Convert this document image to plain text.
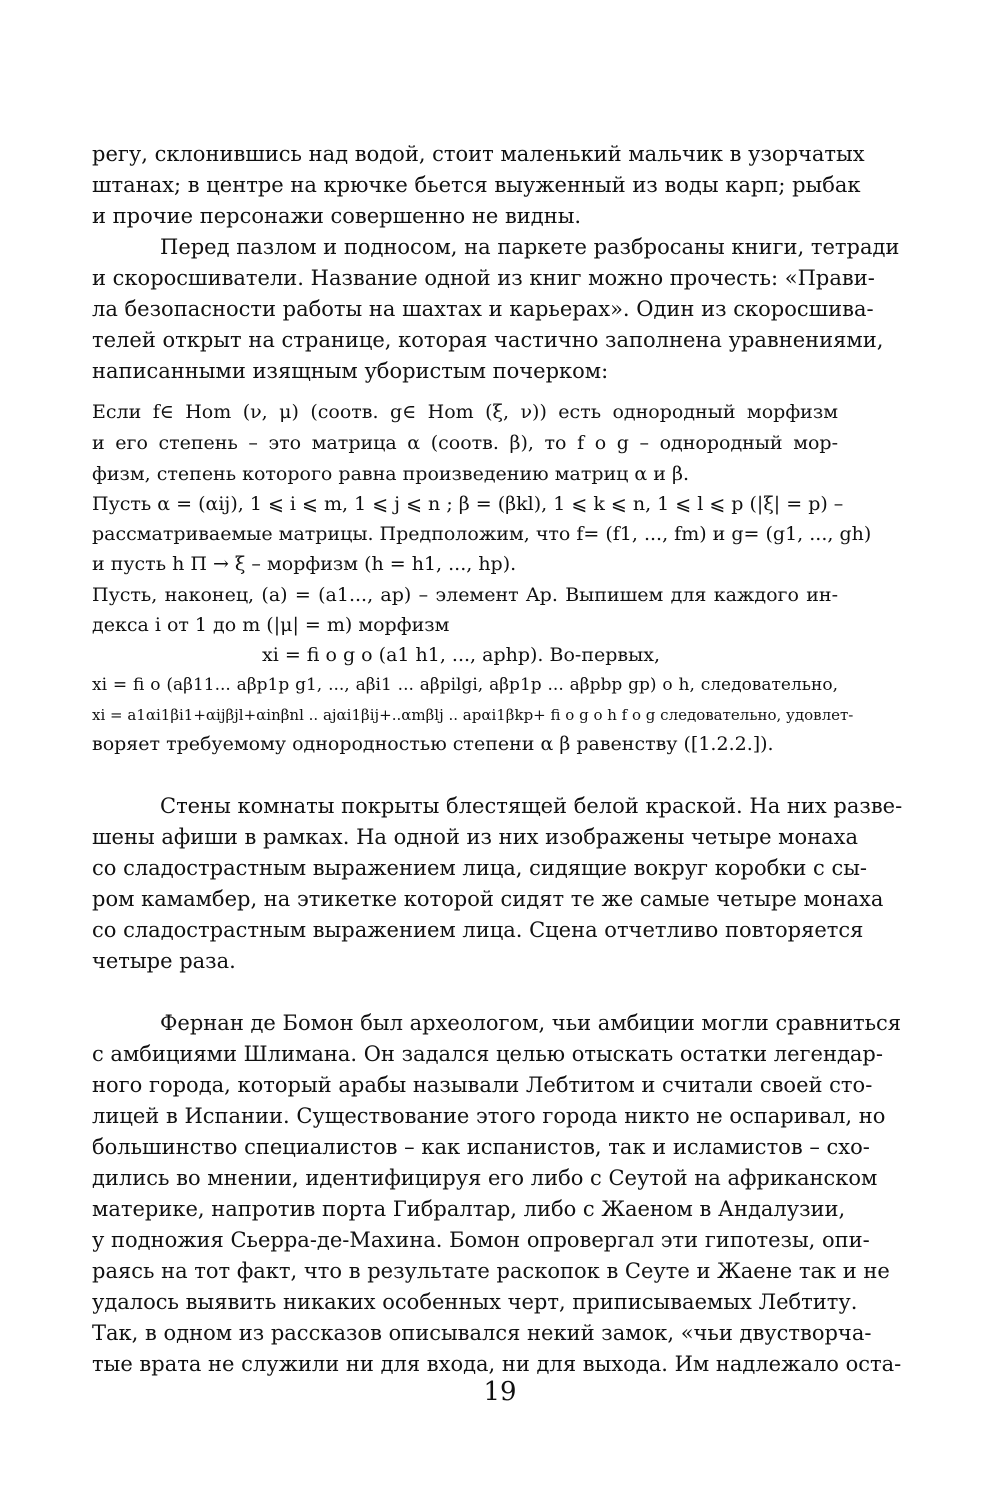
регу, склонившись над водой, стоит маленький мальчик в узорчатых
штанах; в центре на крючке бьется выуженный из воды карп; рыбак
и прочие персонажи совершенно не видны.
Перед пазлом и подносом, на паркете разбросаны книги, тетради
и скоросшиватели. Название одной из книг можно прочесть: «Прави-
ла безопасности работы на шахтах и карьерах». Один из скоросшива-
телей открыт на странице, которая частично заполнена уравнениями,
написанными изящным убористым почерком:
Если f∈ Hom (ν, μ) (соотв. g∈ Hom (ξ, ν)) есть однородный морфизм
и его степень – это матрица α (соотв. β), то f o g – однородный мор-
физм, степень которого равна произведению матриц α и β.
Пусть α = (αij), 1 ⩽ i ⩽ m, 1 ⩽ j ⩽ n ; β = (βkl), 1 ⩽ k ⩽ n, 1 ⩽ l ⩽ p (|ξ| = p) –
рассматриваемые матрицы. Предположим, что f= (f1, ..., fm) и g= (g1, ..., gh)
и пусть h Π → ξ – морфизм (h = h1, ..., hp).
Пусть, наконец, (a) = (a1..., ap) – элемент Ap. Выпишем для каждого ин-
декса i от 1 до m (|μ| = m) морфизм
xi = fi o g o (a1 h1, ..., aphp). Во-первых,
xi = fi o (aβ11... aβp1p g1, ..., aβi1 ... aβpilgi, aβp1p ... aβpbp gp) o h, следовательно,
xi = a1αi1βi1+αijβjl+αinβnl .. ajαi1βij+..αmβlj .. apαi1βkp+ fi o g o h f o g следовательно, удовлет-
воряет требуемому однородностью степени α β равенству ([1.2.2.]).
Стены комнаты покрыты блестящей белой краской. На них разве-
шены афиши в рамках. На одной из них изображены четыре монаха
со сладострастным выражением лица, сидящие вокруг коробки с сы-
ром камамбер, на этикетке которой сидят те же самые четыре монаха
со сладострастным выражением лица. Сцена отчетливо повторяется
четыре раза.
Фернан де Бомон был археологом, чьи амбиции могли сравниться
с амбициями Шлимана. Он задался целью отыскать остатки легендар-
ного города, который арабы называли Лебтитом и считали своей сто-
лицей в Испании. Существование этого города никто не оспаривал, но
большинство специалистов – как испанистов, так и исламистов – схо-
дились во мнении, идентифицируя его либо с Сеутой на африканском
материке, напротив порта Гибралтар, либо с Жаеном в Андалузии,
у подножия Сьерра-де-Махина. Бомон опровергал эти гипотезы, опи-
раясь на тот факт, что в результате раскопок в Сеуте и Жаене так и не
удалось выявить никаких особенных черт, приписываемых Лебтиту.
Так, в одном из рассказов описывался некий замок, «чьи двустворча-
тые врата не служили ни для входа, ни для выхода. Им надлежало оста-
19
